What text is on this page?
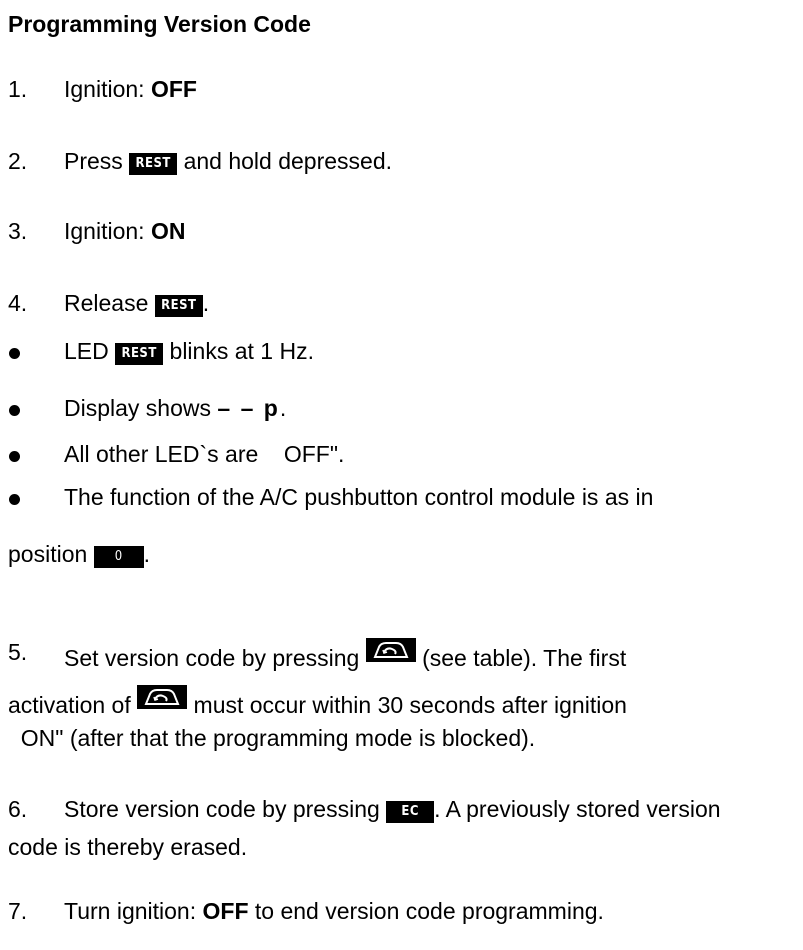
Programming Version Code
1. Ignition: OFF
2. Press REST and hold depressed.
3. Ignition: ON
4. Release REST .
LED REST blinks at 1 Hz.
Display shows – – p.
All other LED`s are    OFF".
The function of the A/C pushbutton control module is as in
position 0 .
5. Set version code by pressing
(see table). The first
activation of
must occur within 30 seconds after ignition
ON" (after that the programming mode is blocked).
6. Store version code by pressing EC . A previously stored version
code is thereby erased.
7. Turn ignition: OFF to end version code programming.
